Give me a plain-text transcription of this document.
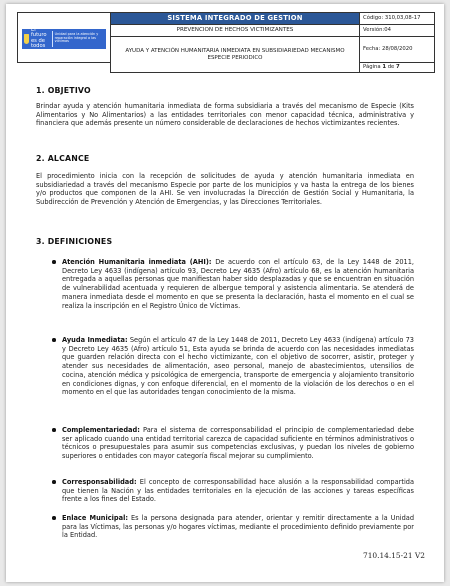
El futuro
es de todos
Unidad para la atención y reparación integral a las víctimas	SISTEMA INTEGRADO DE GESTION	Código: 310,03,08-17
	PREVENCION DE HECHOS VICTIMIZANTES	Versión:04
	AYUDA Y ATENCIÓN HUMANITARIA INMEDIATA EN SUBSIDIARIEDAD MECANISMO ESPECIE PERIODICO	Fecha: 28/08/2020
		Página 1 de 7
1. OBJETIVO

Brindar ayuda y atención humanitaria inmediata de forma subsidiaria a través del mecanismo de Especie (Kits Alimentarios y No Alimentarios) a las entidades territoriales con menor capacidad técnica, administrativa y financiera que además presente un número considerable de declaraciones de hechos victimizantes recientes.

2. ALCANCE

El procedimiento inicia con la recepción de solicitudes de ayuda y atención humanitaria inmediata en subsidiariedad a través del mecanismo Especie por parte de los municipios y va hasta la entrega de los bienes y/o productos que componen de la AHI. Se ven involucradas la Dirección de Gestión Social y Humanitaria, la Subdirección de Prevención y Atención de Emergencias, y las Direcciones Territoriales.

3. DEFINICIONES
Atención Humanitaria inmediata (AHI): De acuerdo con el artículo 63, de la Ley 1448 de 2011, Decreto Ley 4633 (indígena) artículo 93, Decreto Ley 4635 (Afro) artículo 68, es la atención humanitaria entregada a aquellas personas que manifiestan haber sido desplazadas y que se encuentran en situación de vulnerabilidad acentuada y requieren de albergue temporal y asistencia alimentaria. Se atenderá de manera inmediata desde el momento en que se presenta la declaración, hasta el momento en el cual se realiza la inscripción en el Registro Único de Víctimas.
Ayuda Inmediata: Según el artículo 47 de la Ley 1448 de 2011, Decreto Ley 4633 (indígena) artículo 73 y Decreto Ley 4635 (Afro) artículo 51, Esta ayuda se brinda de acuerdo con las necesidades inmediatas que guarden relación directa con el hecho victimizante, con el objetivo de socorrer, asistir, proteger y atender sus necesidades de alimentación, aseo personal, manejo de abastecimientos, utensilios de cocina, atención médica y psicológica de emergencia, transporte de emergencia y alojamiento transitorio en condiciones dignas, y con enfoque diferencial, en el momento de la violación de los derechos o en el momento en el que las autoridades tengan conocimiento de la misma.
Complementariedad: Para el sistema de corresponsabilidad el principio de complementariedad debe ser aplicado cuando una entidad territorial carezca de capacidad suficiente en términos administrativos o técnicos o presupuestales para asumir sus competencias exclusivas, y puedan los niveles de gobierno superiores o entidades con mayor categoría fiscal mejorar su cumplimiento.
Corresponsabilidad: El concepto de corresponsabilidad hace alusión a la responsabilidad compartida que tienen la Nación y las entidades territoriales en la ejecución de las acciones y tareas específicas frente a los fines del Estado.
Enlace Municipal: Es la persona designada para atender, orientar y remitir directamente a la Unidad para las Víctimas, las personas y/o hogares víctimas, mediante el procedimiento definido previamente por la Entidad.
710.14.15-21 V2
